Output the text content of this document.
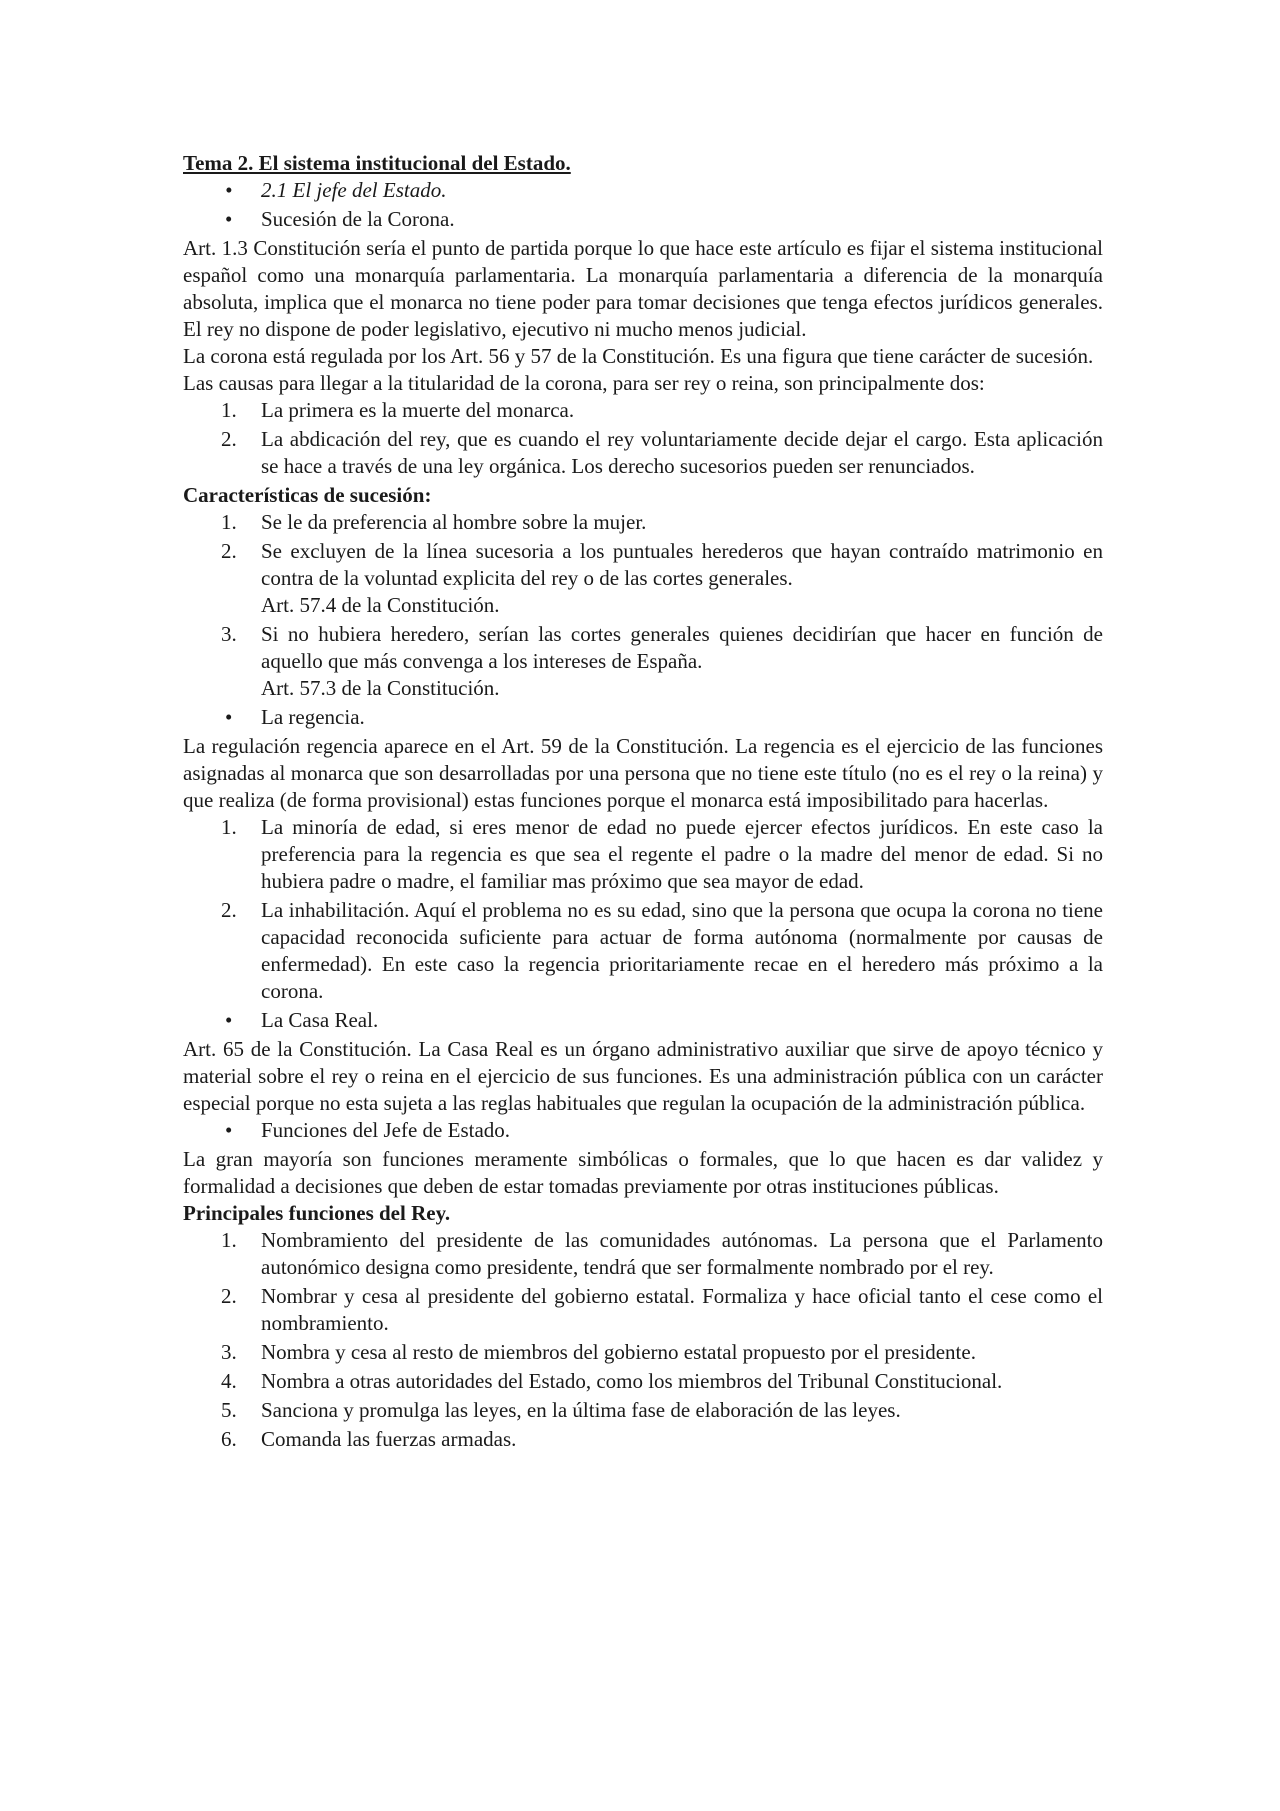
Tema 2. El sistema institucional del Estado.

• 2.1 El jefe del Estado.
• Sucesión de la Corona.

Art. 1.3 Constitución sería el punto de partida porque lo que hace este artículo es fijar el sistema institucional español como una monarquía parlamentaria. La monarquía parlamentaria a diferencia de la monarquía absoluta, implica que el monarca no tiene poder para tomar decisiones que tenga efectos jurídicos generales. El rey no dispone de poder legislativo, ejecutivo ni mucho menos judicial.

La corona está regulada por los Art. 56 y 57 de la Constitución. Es una figura que tiene carácter de sucesión.

Las causas para llegar a la titularidad de la corona, para ser rey o reina, son principalmente dos:

1. La primera es la muerte del monarca.
2. La abdicación del rey, que es cuando el rey voluntariamente decide dejar el cargo. Esta aplicación se hace a través de una ley orgánica. Los derecho sucesorios pueden ser renunciados.

Características de sucesión:

1. Se le da preferencia al hombre sobre la mujer.
2. Se excluyen de la línea sucesoria a los puntuales herederos que hayan contraído matrimonio en contra de la voluntad explicita del rey o de las cortes generales.
Art. 57.4 de la Constitución.
3. Si no hubiera heredero, serían las cortes generales quienes decidirían que hacer en función de aquello que más convenga a los intereses de España.
Art. 57.3 de la Constitución.
• La regencia.

La regulación regencia aparece en el Art. 59 de la Constitución. La regencia es el ejercicio de las funciones asignadas al monarca que son desarrolladas por una persona que no tiene este título (no es el rey o la reina) y que realiza (de forma provisional) estas funciones porque el monarca está imposibilitado para hacerlas.

1. La minoría de edad, si eres menor de edad no puede ejercer efectos jurídicos. En este caso la preferencia para la regencia es que sea el regente el padre o la madre del menor de edad. Si no hubiera padre o madre, el familiar mas próximo que sea mayor de edad.
2. La inhabilitación. Aquí el problema no es su edad, sino que la persona que ocupa la corona no tiene capacidad reconocida suficiente para actuar de forma autónoma (normalmente por causas de enfermedad). En este caso la regencia prioritariamente recae en el heredero más próximo a la corona.
• La Casa Real.

Art. 65 de la Constitución. La Casa Real es un órgano administrativo auxiliar que sirve de apoyo técnico y material sobre el rey o reina en el ejercicio de sus funciones. Es una administración pública con un carácter especial porque no esta sujeta a las reglas habituales que regulan la ocupación de la administración pública.

• Funciones del Jefe de Estado.

La gran mayoría son funciones meramente simbólicas o formales, que lo que hacen es dar validez y formalidad a decisiones que deben de estar tomadas previamente por otras instituciones públicas.

Principales funciones del Rey.

1. Nombramiento del presidente de las comunidades autónomas. La persona que el Parlamento autonómico designa como presidente, tendrá que ser formalmente nombrado por el rey.
2. Nombrar y cesa al presidente del gobierno estatal. Formaliza y hace oficial tanto el cese como el nombramiento.
3. Nombra y cesa al resto de miembros del gobierno estatal propuesto por el presidente.
4. Nombra a otras autoridades del Estado, como los miembros del Tribunal Constitucional.
5. Sanciona y promulga las leyes, en la última fase de elaboración de las leyes.
6. Comanda las fuerzas armadas.
